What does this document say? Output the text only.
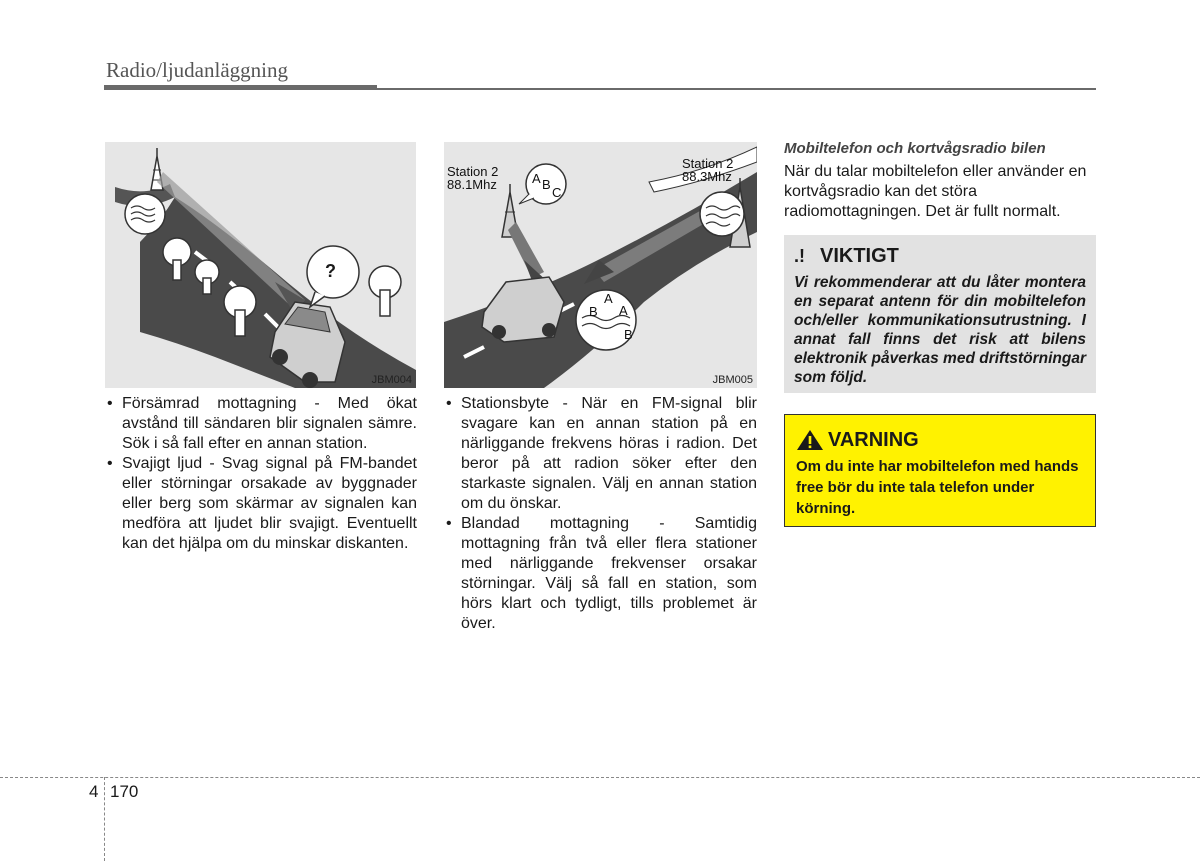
Radio/ljudanläggning
?
JBM004
Station 2
88.1Mhz
Station 2
88.3Mhz
A B
C
A
B A
B
JBM005
• Försämrad mottagning - Med ökat avstånd till sändaren blir signalen sämre. Sök i så fall efter en annan station.
• Svajigt ljud - Svag signal på FM-bandet eller störningar orsakade av byggnader eller berg som skärmar av signalen kan medföra att ljudet blir svajigt. Eventuellt kan det hjälpa om du minskar diskanten.
• Stationsbyte - När en FM-signal blir svagare kan en annan station på en närliggande frekvens höras i radion. Det beror på att radion söker efter den starkaste signalen. Välj en annan station om du önskar.
• Blandad mottagning - Samtidig mottagning från två eller flera stationer med närliggande frekvenser orsakar störningar. Välj så fall en station, som hörs klart och tydligt, tills problemet är över.
Mobiltelefon och kortvågsradio bilen
När du talar mobiltelefon eller använder en kortvågsradio kan det störa radiomottagningen. Det är fullt normalt.
.! VIKTIGT
Vi rekommenderar att du låter montera en separat antenn för din mobiltelefon och/eller kommunikationsutrustning. I annat fall finns det risk att bilens elektronik påverkas med driftstörningar som följd.
VARNING
Om du inte har mobiltelefon med hands free bör du inte tala telefon under körning.
4 170
